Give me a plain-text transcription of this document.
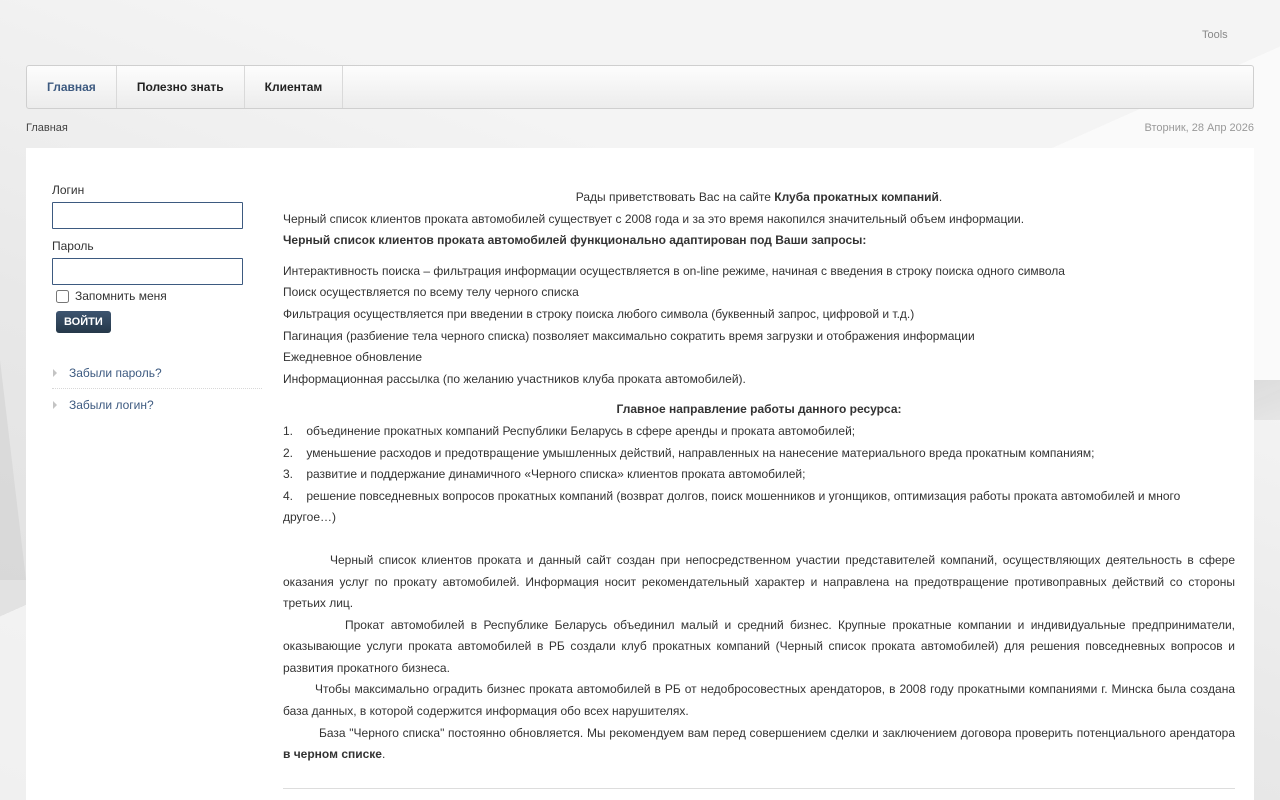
Tools
Главная	Полезно знать	Клиентам
Главная	Вторник, 28 Апр 2026
Логин
Пароль
Запомнить меня
ВОЙТИ
Забыли пароль?
Забыли логин?
Рады приветствовать Вас на сайте Клуба прокатных компаний.
Черный список клиентов проката автомобилей существует с 2008 года и за это время накопился значительный объем информации.
Черный список клиентов проката автомобилей функционально адаптирован под Ваши запросы:
Интерактивность поиска – фильтрация информации осуществляется в on-line режиме, начиная с введения в строку поиска одного символа
Поиск осуществляется по всему телу черного списка
Фильтрация осуществляется при введении в строку поиска любого символа (буквенный запрос, цифровой и т.д.)
Пагинация (разбиение тела черного списка) позволяет максимально сократить время загрузки и отображения информации
Ежедневное обновление
Информационная рассылка (по желанию участников клуба проката автомобилей).
Главное направление работы данного ресурса:
1.    объединение прокатных компаний Республики Беларусь в сфере аренды и проката автомобилей;
2.    уменьшение расходов и предотвращение умышленных действий, направленных на нанесение материального вреда прокатным компаниям;
3.    развитие и поддержание динамичного «Черного списка» клиентов проката автомобилей;
4.    решение повседневных вопросов прокатных компаний (возврат долгов, поиск мошенников и угонщиков, оптимизация работы проката автомобилей и много другое…)
Черный список клиентов проката и данный сайт создан при непосредственном участии представителей компаний, осуществляющих деятельность в сфере оказания услуг по прокату автомобилей. Информация носит рекомендательный характер и направлена на предотвращение противоправных действий со стороны третьих лиц.
Прокат автомобилей в Республике Беларусь объединил малый и средний бизнес. Крупные прокатные компании и индивидуальные предприниматели, оказывающие услуги проката автомобилей в РБ создали клуб прокатных компаний (Черный список проката автомобилей) для решения повседневных вопросов и развития прокатного бизнеса.
Чтобы максимально оградить бизнес проката автомобилей в РБ от недобросовестных арендаторов, в 2008 году прокатными компаниями г. Минска была создана база данных, в которой содержится информация обо всех нарушителях.
База "Черного списка" постоянно обновляется. Мы рекомендуем вам перед совершением сделки и заключением договора проверить потенциального арендатора в черном списке.
